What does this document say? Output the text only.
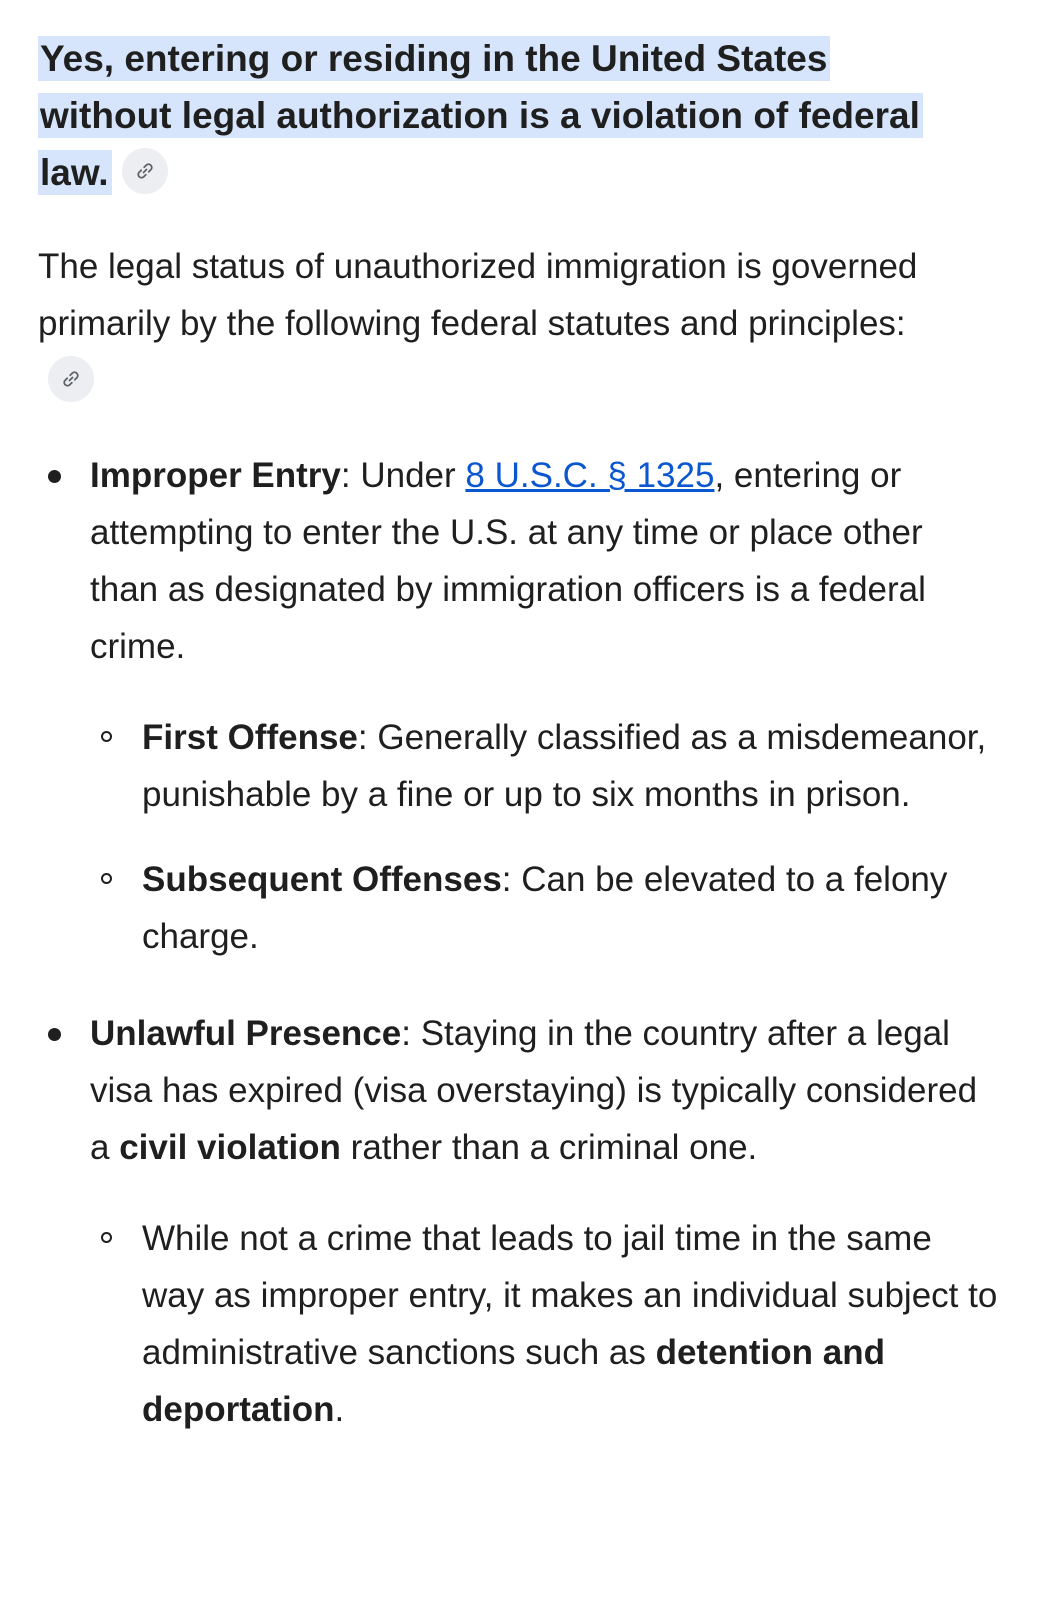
Yes, entering or residing in the United States without legal authorization is a violation of federal law.

The legal status of unauthorized immigration is governed primarily by the following federal statutes and principles:

Improper Entry: Under 8 U.S.C. § 1325, entering or attempting to enter the U.S. at any time or place other than as designated by immigration officers is a federal crime.
First Offense: Generally classified as a misdemeanor, punishable by a fine or up to six months in prison.
Subsequent Offenses: Can be elevated to a felony charge.
Unlawful Presence: Staying in the country after a legal visa has expired (visa overstaying) is typically considered a civil violation rather than a criminal one.
While not a crime that leads to jail time in the same way as improper entry, it makes an individual subject to administrative sanctions such as detention and deportation.
